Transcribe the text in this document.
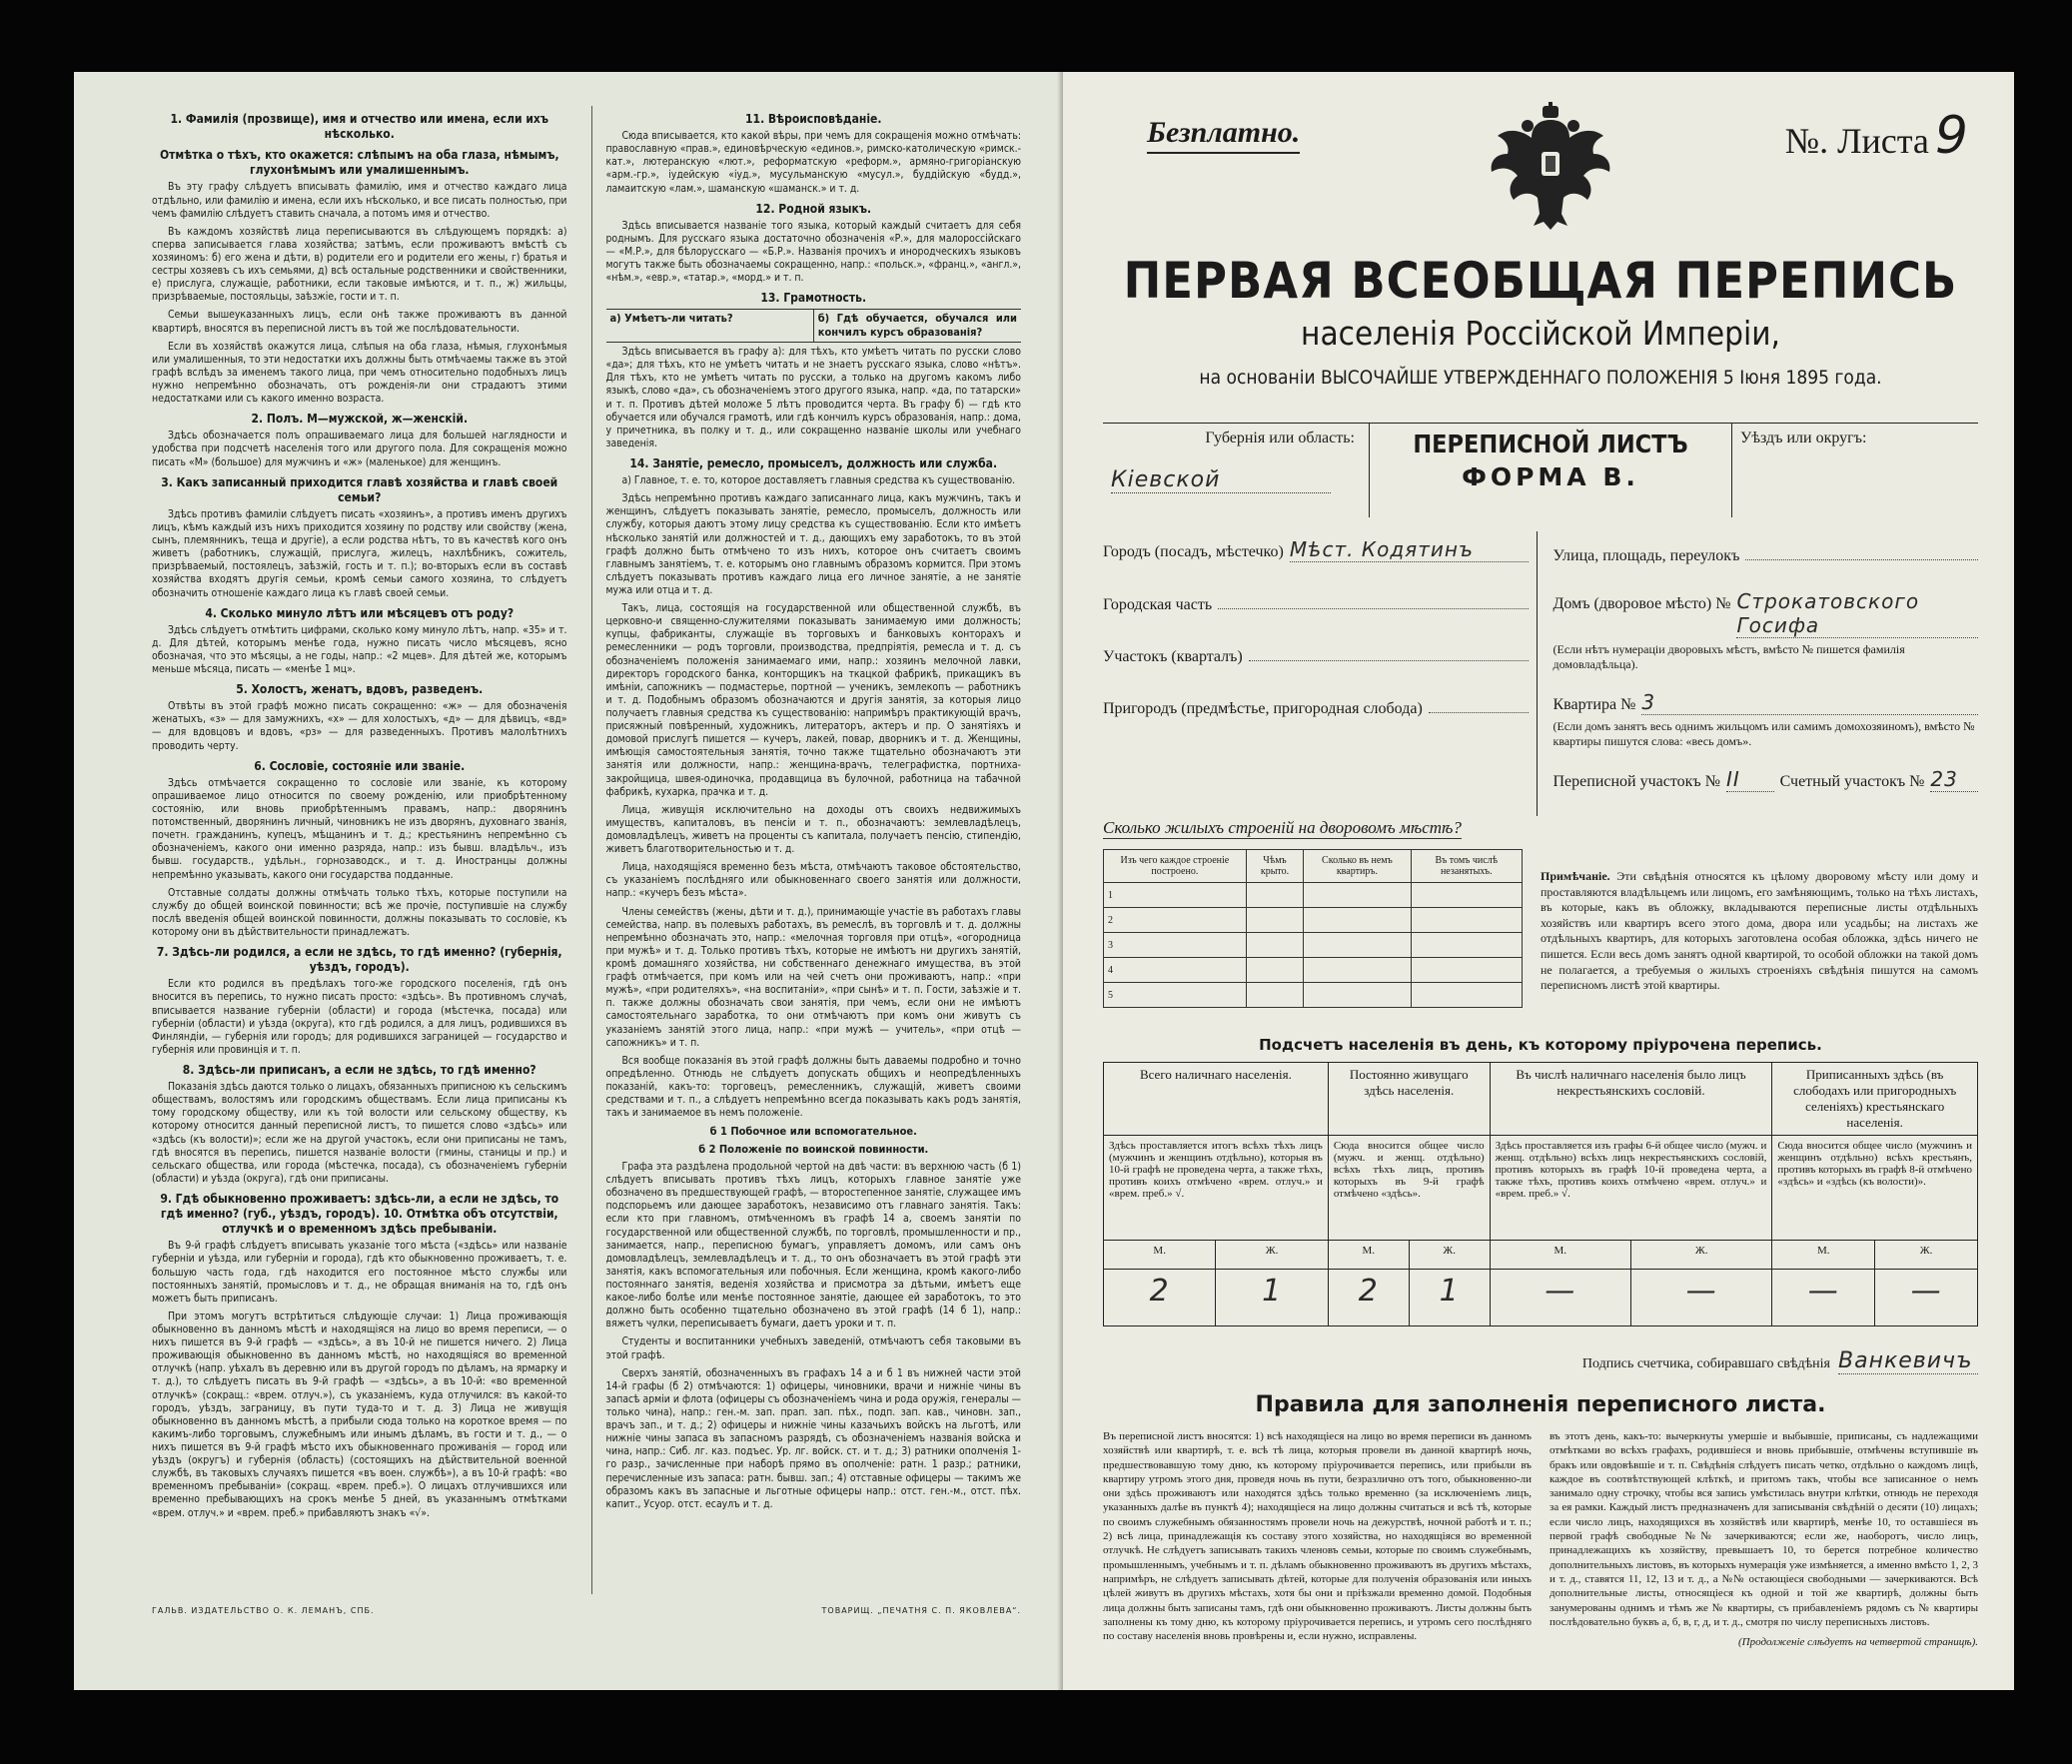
1. Фамилія (прозвище), имя и отчество или имена, если ихъ нѣсколько.
Отмѣтка о тѣхъ, кто окажется: слѣпымъ на оба глаза, нѣмымъ, глухонѣмымъ или умалишеннымъ.
Въ эту графу слѣдуетъ вписывать фамилію, имя и отчество каждаго лица отдѣльно, или фамилію и имена, если ихъ нѣсколько, и все писать полностью, при чемъ фамилію слѣдуетъ ставить сначала, а потомъ имя и отчество.
Въ каждомъ хозяйствѣ лица переписываются въ слѣдующемъ порядкѣ: а) сперва записывается глава хозяйства; затѣмъ, если проживаютъ вмѣстѣ съ хозяиномъ: б) его жена и дѣти, в) родители его и родители его жены, г) братья и сестры хозяевъ съ ихъ семьями, д) всѣ остальные родственники и свойственники, е) прислуга, служащіе, работники, если таковые имѣются, и т. п., ж) жильцы, призрѣваемые, постояльцы, заѣзжіе, гости и т. п.
Семьи вышеуказанныхъ лицъ, если онѣ также проживаютъ въ данной квартирѣ, вносятся въ переписной листъ въ той же послѣдовательности.
Если въ хозяйствѣ окажутся лица, слѣпыя на оба глаза, нѣмыя, глухонѣмыя или умалишенныя, то эти недостатки ихъ должны быть отмѣчаемы также въ этой графѣ вслѣдъ за именемъ такого лица, при чемъ относительно подобныхъ лицъ нужно непремѣнно обозначать, отъ рожденія-ли они страдаютъ этими недостатками или съ какого именно возраста.
2. Полъ. М—мужской, ж—женскій.
Здѣсь обозначается полъ опрашиваемаго лица для большей наглядности и удобства при подсчетѣ населенія того или другого пола. Для сокращенія можно писать «М» (большое) для мужчинъ и «ж» (маленькое) для женщинъ.
3. Какъ записанный приходится главѣ хозяйства и главѣ своей семьи?
Здѣсь противъ фамиліи слѣдуетъ писать «хозяинъ», а противъ именъ другихъ лицъ, кѣмъ каждый изъ нихъ приходится хозяину по родству или свойству (жена, сынъ, племянникъ, теща и другіе), а если родства нѣтъ, то въ качествѣ кого онъ живетъ (работникъ, служащій, прислуга, жилецъ, нахлѣбникъ, сожитель, призрѣваемый, постоялецъ, заѣзжій, гость и т. п.); во-вторыхъ если въ составѣ хозяйства входятъ другія семьи, кромѣ семьи самого хозяина, то слѣдуетъ обозначить отношеніе каждаго лица къ главѣ своей семьи.
4. Сколько минуло лѣтъ или мѣсяцевъ отъ роду?
Здѣсь слѣдуетъ отмѣтить цифрами, сколько кому минуло лѣтъ, напр. «35» и т. д. Для дѣтей, которымъ менѣе года, нужно писать число мѣсяцевъ, ясно обозначая, что это мѣсяцы, а не годы, напр.: «2 мцев». Для дѣтей же, которымъ меньше мѣсяца, писать — «менѣе 1 мц».
5. Холостъ, женатъ, вдовъ, разведенъ.
Отвѣты въ этой графѣ можно писать сокращенно: «ж» — для обозначенія женатыхъ, «з» — для замужнихъ, «х» — для холостыхъ, «д» — для дѣвицъ, «вд» — для вдовцовъ и вдовъ, «рз» — для разведенныхъ. Противъ малолѣтнихъ проводить черту.
6. Сословіе, состояніе или званіе.
Здѣсь отмѣчается сокращенно то сословіе или званіе, къ которому опрашиваемое лицо относится по своему рожденію, или приобрѣтенному состоянію, или вновь приобрѣтеннымъ правамъ, напр.: дворянинъ потомственный, дворянинъ личный, чиновникъ не изъ дворянъ, духовнаго званія, почетн. гражданинъ, купецъ, мѣщанинъ и т. д.; крестьянинъ непремѣнно съ обозначеніемъ, какого они именно разряда, напр.: изъ бывш. владѣльч., изъ бывш. государств., удѣльн., горнозаводск., и т. д. Иностранцы должны непремѣнно указывать, какого они государства подданные.
Отставные солдаты должны отмѣчать только тѣхъ, которые поступили на службу до общей воинской повинности; всѣ же прочіе, поступившіе на службу послѣ введенія общей воинской повинности, должны показывать то сословіе, къ которому они въ дѣйствительности принадлежатъ.
7. Здѣсь-ли родился, а если не здѣсь, то гдѣ именно? (губернія, уѣздъ, городъ).
Если кто родился въ предѣлахъ того-же городского поселенія, гдѣ онъ вносится въ перепись, то нужно писать просто: «здѣсь». Въ противномъ случаѣ, вписывается название губерніи (области) и города (мѣстечка, посада) или губерніи (области) и уѣзда (округа), кто гдѣ родился, а для лицъ, родившихся въ Финляндіи, — губернія или городъ; для родившихся заграницей — государство и губернія или провинція и т. п.
8. Здѣсь-ли приписанъ, а если не здѣсь, то гдѣ именно?
Показанія здѣсь даются только о лицахъ, обязанныхъ приписною къ сельскимъ обществамъ, волостямъ или городскимъ обществамъ. Если лица приписаны къ тому городскому обществу, или къ той волости или сельскому обществу, къ которому относится данный переписной листъ, то пишется слово «здѣсь» или «здѣсь (къ волости)»; если же на другой участокъ, если они приписаны не тамъ, гдѣ вносятся въ перепись, пишется названіе волости (гмины, станицы и пр.) и сельскаго общества, или города (мѣстечка, посада), съ обозначеніемъ губерніи (области) и уѣзда (округа), гдѣ они приписаны.
9. Гдѣ обыкновенно проживаетъ: здѣсь-ли, а если не здѣсь, то гдѣ именно? (губ., уѣздъ, городъ). 10. Отмѣтка объ отсутствіи, отлучкѣ и о временномъ здѣсь пребываніи.
Въ 9-й графѣ слѣдуетъ вписывать указаніе того мѣста («здѣсь» или названіе губерніи и уѣзда, или губерніи и города), гдѣ кто обыкновенно проживаетъ, т. е. большую часть года, гдѣ находится его постоянное мѣсто службы или постоянныхъ занятій, промысловъ и т. д., не обращая вниманія на то, гдѣ онъ можетъ быть приписанъ.
При этомъ могутъ встрѣтиться слѣдующіе случаи: 1) Лица проживающія обыкновенно въ данномъ мѣстѣ и находящіяся на лицо во время переписи, — о нихъ пишется въ 9-й графѣ — «здѣсь», а въ 10-й не пишется ничего. 2) Лица проживающія обыкновенно въ данномъ мѣстѣ, но находящіяся во временной отлучкѣ (напр. уѣхалъ въ деревню или въ другой городъ по дѣламъ, на ярмарку и т. д.), то слѣдуетъ писать въ 9-й графѣ — «здѣсь», а въ 10-й: «во временной отлучкѣ» (сокращ.: «врем. отлуч.»), съ указаніемъ, куда отлучился: въ какой-то городъ, уѣздъ, заграницу, въ пути туда-то и т. д. 3) Лица не живущія обыкновенно въ данномъ мѣстѣ, а прибыли сюда только на короткое время — по какимъ-либо торговымъ, служебнымъ или инымъ дѣламъ, въ гости и т. д., — о нихъ пишется въ 9-й графѣ мѣсто ихъ обыкновеннаго проживанія — город или уѣздъ (округъ) и губернія (область) (состоящихъ на дѣйствительной военной службѣ, въ таковыхъ случаяхъ пишется «въ воен. службѣ»), а въ 10-й графѣ: «во временномъ пребываніи» (сокращ. «врем. преб.»). О лицахъ отлучившихся или временно пребывающихъ на срокъ менѣе 5 дней, въ указаннымъ отмѣтками «врем. отлуч.» и «врем. преб.» прибавляютъ знакъ «√».
11. Вѣроисповѣданіе.
Сюда вписывается, кто какой вѣры, при чемъ для сокращенія можно отмѣчать: православную «прав.», единовѣрческую «единов.», римско-католическую «римск.-кат.», лютеранскую «лют.», реформатскую «реформ.», армяно-григоріанскую «арм.-гр.», іудейскую «іуд.», мусульманскую «мусул.», буддійскую «будд.», ламаитскую «лам.», шаманскую «шаманск.» и т. д.
12. Родной языкъ.
Здѣсь вписывается названіе того языка, который каждый считаетъ для себя роднымъ. Для русскаго языка достаточно обозначенія «Р.», для малороссійскаго — «М.Р.», для бѣлорусскаго — «Б.Р.». Названія прочихъ и инородческихъ языковъ могутъ также быть обозначаемы сокращенно, напр.: «польск.», «франц.», «англ.», «нѣм.», «евр.», «татар.», «морд.» и т. п.
13. Грамотность.
а) Умѣетъ-ли читать?	б) Гдѣ обучается, обучался или кончилъ курсъ образованія?
Здѣсь вписывается въ графу а): для тѣхъ, кто умѣетъ читать по русски слово «да»; для тѣхъ, кто не умѣетъ читать и не знаетъ русскаго языка, слово «нѣтъ». Для тѣхъ, кто не умѣетъ читать по русски, а только на другомъ какомъ либо языкѣ, слово «да», съ обозначеніемъ этого другого языка, напр. «да, по татарски» и т. п. Противъ дѣтей моложе 5 лѣтъ проводится черта. Въ графу б) — гдѣ кто обучается или обучался грамотѣ, или гдѣ кончилъ курсъ образованія, напр.: дома, у причетника, въ полку и т. д., или сокращенно названіе школы или учебнаго заведенія.
14. Занятіе, ремесло, промыселъ, должность или служба.
а) Главное, т. е. то, которое доставляетъ главныя средства къ существованію.
Здѣсь непремѣнно противъ каждаго записаннаго лица, какъ мужчинъ, такъ и женщинъ, слѣдуетъ показывать занятіе, ремесло, промыселъ, должность или службу, которыя даютъ этому лицу средства къ существованію. Если кто имѣетъ нѣсколько занятій или должностей и т. д., дающихъ ему заработокъ, то въ этой графѣ должно быть отмѣчено то изъ нихъ, которое онъ считаетъ своимъ главнымъ занятіемъ, т. е. которымъ оно главнымъ образомъ кормится. При этомъ слѣдуетъ показывать противъ каждаго лица его личное занятіе, а не занятіе мужа или отца и т. д.
Такъ, лица, состоящія на государственной или общественной службѣ, въ церковно-и священно-служителями показывать занимаемую ими должность; купцы, фабриканты, служащіе въ торговыхъ и банковыхъ конторахъ и ремесленники — родъ торговли, производства, предпріятія, ремесла и т. д. съ обозначеніемъ положенія занимаемаго ими, напр.: хозяинъ мелочной лавки, директоръ городского банка, конторщикъ на ткацкой фабрикѣ, прикащикъ въ имѣніи, сапожникъ — подмастерье, портной — ученикъ, землекопъ — работникъ и т. д. Подобнымъ образомъ обозначаются и другія занятія, за которыя лицо получаетъ главныя средства къ существованію: напримѣръ практикующій врачъ, присяжный повѣренный, художникъ, литераторъ, актеръ и пр. О занятіяхъ и домовой прислугѣ пишется — кучеръ, лакей, повар, дворникъ и т. д. Женщины, имѣющія самостоятельныя занятія, точно также тщательно обозначаютъ эти занятія или должности, напр.: женщина-врачъ, телеграфистка, портниха-закройщица, швея-одиночка, продавщица въ булочной, работница на табачной фабрикѣ, кухарка, прачка и т. д.
Лица, живущія исключительно на доходы отъ своихъ недвижимыхъ имуществъ, капиталовъ, въ пенсіи и т. п., обозначаютъ: землевладѣлецъ, домовладѣлецъ, живетъ на проценты съ капитала, получаетъ пенсію, стипендію, живетъ благотворительностью и т. д.
Лица, находящіяся временно безъ мѣста, отмѣчаютъ таковое обстоятельство, съ указаніемъ послѣдняго или обыкновеннаго своего занятія или должности, напр.: «кучеръ безъ мѣста».
Члены семействъ (жены, дѣти и т. д.), принимающіе участіе въ работахъ главы семейства, напр. въ полевыхъ работахъ, въ ремеслѣ, въ торговлѣ и т. д. должны непремѣнно обозначать это, напр.: «мелочная торговля при отцѣ», «огородница при мужѣ» и т. д. Только противъ тѣхъ, которые не имѣютъ ни другихъ занятій, кромѣ домашняго хозяйства, ни собственнаго денежнаго имущества, въ этой графѣ отмѣчается, при комъ или на чей счетъ они проживаютъ, напр.: «при мужѣ», «при родителяхъ», «на воспитаніи», «при сынѣ» и т. п. Гости, заѣзжіе и т. п. также должны обозначать свои занятія, при чемъ, если они не имѣютъ самостоятельнаго заработка, то они отмѣчаютъ при комъ они живутъ съ указаніемъ занятій этого лица, напр.: «при мужѣ — учитель», «при отцѣ — сапожникъ» и т. п.
Вся вообще показанія въ этой графѣ должны быть даваемы подробно и точно опредѣленно. Отнюдь не слѣдуетъ допускать общихъ и неопредѣленныхъ показаній, какъ-то: торговецъ, ремесленникъ, служащій, живетъ своими средствами и т. п., а слѣдуетъ непремѣнно всегда показывать какъ родъ занятія, такъ и занимаемое въ немъ положеніе.
б 1 Побочное или вспомогательное.
б 2 Положеніе по воинской повинности.
Графа эта раздѣлена продольной чертой на двѣ части: въ верхнюю часть (б 1) слѣдуетъ вписывать противъ тѣхъ лицъ, которыхъ главное занятіе уже обозначено въ предшествующей графѣ, — второстепенное занятіе, служащее имъ подспорьемъ или дающее заработокъ, независимо отъ главнаго занятія. Такъ: если кто при главномъ, отмѣченномъ въ графѣ 14 а, своемъ занятіи по государственной или общественной службѣ, по торговлѣ, промышленности и пр., занимается, напр., переписною бумагъ, управляетъ домомъ, или самъ онъ домовладѣлецъ, землевладѣлецъ и т. д., то онъ обозначаетъ въ этой графѣ эти занятія, какъ вспомогательныя или побочныя. Если женщина, кромѣ какого-либо постояннаго занятія, веденія хозяйства и присмотра за дѣтьми, имѣетъ еще какое-либо болѣе или менѣе постоянное занятіе, дающее ей заработокъ, то это должно быть особенно тщательно обозначено въ этой графѣ (14 б 1), напр.: вяжетъ чулки, переписываетъ бумаги, даетъ уроки и т. п.
Студенты и воспитанники учебныхъ заведеній, отмѣчаютъ себя таковыми въ этой графѣ.
Сверхъ занятій, обозначенныхъ въ графахъ 14 а и б 1 въ нижней части этой 14-й графы (б 2) отмѣчаются: 1) офицеры, чиновники, врачи и нижніе чины въ запасѣ арміи и флота (офицеры съ обозначеніемъ чина и рода оружія, генералы — только чина), напр.: ген.-м. зап. прап. зап. пѣх., подп. зап. кав., чиновн. зап., врачъ зап., и т. д.; 2) офицеры и нижніе чины казачьихъ войскъ на льготѣ, или нижніе чины запаса въ запасномъ разрядѣ, съ обозначеніемъ названія войска и чина, напр.: Сиб. лг. каз. подъес. Ур. лг. войск. ст. и т. д.; 3) ратники ополченія 1-го разр., зачисленные при наборѣ прямо въ ополченіе: ратн. 1 разр.; ратники, перечисленные изъ запаса: ратн. бывш. зап.; 4) отставные офицеры — такимъ же образомъ какъ въ запасные и льготные офицеры напр.: отст. ген.-м., отст. пѣх. капит., Усуор. отст. есаулъ и т. д.
ГАЛЬВ. ИЗДАТЕЛЬСТВО О. К. ЛЕМАНЪ, СПБ.	ТОВАРИЩ. „ПЕЧАТНЯ С. П. ЯКОВЛЕВА“.
Безплатно.	№. Листа 9
ПЕРВАЯ ВСЕОБЩАЯ ПЕРЕПИСЬ
населенія Россійской Имперіи,
на основаніи ВЫСОЧАЙШЕ УТВЕРЖДЕННАГО ПОЛОЖЕНІЯ 5 Іюня 1895 года.
Губернія или область:
Кіевской
ПЕРЕПИСНОЙ ЛИСТЪ
ФОРМА В.
Уѣздъ или округъ:
Городъ (посадъ, мѣстечко) Мѣст. Кодятинъ
Городская часть
Участокъ (кварталъ)
Пригородъ (предмѣстье, пригородная слобода)
Улица, площадь, переулокъ
Домъ (дворовое мѣсто) № Строкатовского Госифа
(Если нѣтъ нумераціи дворовыхъ мѣстъ, вмѣсто № пишется фамилія домовладѣльца).
Квартира № 3
(Если домъ занятъ весь однимъ жильцомъ или самимъ домохозяиномъ), вмѣсто № квартиры пишутся слова: «весь домъ».
Переписной участокъ № II	Счетный участокъ № 23
Сколько жилыхъ строеній на дворовомъ мѣстѣ?
Изъ чего каждое строеніе построено.	Чѣмъ крыто.	Сколько въ немъ квартиръ.	Въ томъ числѣ незанятыхъ.
1			
2			
3			
4			
5			
Примѣчаніе. Эти свѣдѣнія относятся къ цѣлому дворовому мѣсту или дому и проставляются владѣльцемъ или лицомъ, его замѣняющимъ, только на тѣхъ листахъ, въ которые, какъ въ обложку, вкладываются переписные листы отдѣльныхъ хозяйствъ или квартиръ всего этого дома, двора или усадьбы; на листахъ же отдѣльныхъ квартиръ, для которыхъ заготовлена особая обложка, здѣсь ничего не пишется. Если весь домъ занятъ одной квартирой, то особой обложки на такой домъ не полагается, а требуемыя о жилыхъ строеніяхъ свѣдѣнія пишутся на самомъ переписномъ листѣ этой квартиры.
Подсчетъ населенія въ день, къ которому пріурочена перепись.
Всего наличнаго населенія.		Постоянно живущаго здѣсь населенія.		Въ числѣ наличнаго населенія было лицъ некрестьянскихъ сословій.		Приписанныхъ здѣсь (въ слободахъ или пригородныхъ селеніяхъ) крестьянскаго населенія.	
Здѣсь проставляется итогъ всѣхъ тѣхъ лицъ (мужчинъ и женщинъ отдѣльно), которыя въ 10-й графѣ не проведена черта, а также тѣхъ, противъ коихъ отмѣчено «врем. отлуч.» и «врем. преб.» √.		Сюда вносится общее число (мужч. и женщ. отдѣльно) всѣхъ тѣхъ лицъ, противъ которыхъ въ 9-й графѣ отмѣчено «здѣсь».		Здѣсь проставляется изъ графы 6-й общее число (мужч. и женщ. отдѣльно) всѣхъ лицъ некрестьянскихъ сословій, противъ которыхъ въ графѣ 10-й проведена черта, а также тѣхъ, противъ коихъ отмѣчено «врем. отлуч.» и «врем. преб.» √.		Сюда вносится общее число (мужчинъ и женщинъ отдѣльно) всѣхъ крестьянъ, противъ которыхъ въ графѣ 8-й отмѣчено «здѣсь» и «здѣсь (къ волости)».	
М.	Ж.	М.	Ж.	М.	Ж.	М.	Ж.
2	1	2	1	—	—	—	—
Подпись счетчика, собиравшаго свѣдѣнія Ванкевичъ
Правила для заполненія переписного листа.
Въ переписной листъ вносятся: 1) всѣ находящіеся на лицо во время переписи въ данномъ хозяйствѣ или квартирѣ, т. е. всѣ тѣ лица, которыя провели въ данной квартирѣ ночь, предшествовавшую тому дню, къ которому пріурочивается перепись, или прибыли въ квартиру утромъ этого дня, проведя ночь въ пути, безразлично отъ того, обыкновенно-ли они здѣсь проживаютъ или находятся здѣсь только временно (за исключеніемъ лицъ, указанныхъ далѣе въ пунктѣ 4); находящіеся на лицо должны считаться и всѣ тѣ, которые по своимъ служебнымъ обязанностямъ провели ночь на дежурствѣ, ночной работѣ и т. п.; 2) всѣ лица, принадлежащія къ составу этого хозяйства, но находящіяся во временной отлучкѣ. Не слѣдуетъ записывать такихъ членовъ семьи, которые по своимъ служебнымъ, промышленнымъ, учебнымъ и т. п. дѣламъ обыкновенно проживаютъ въ другихъ мѣстахъ, напримѣръ, не слѣдуетъ записывать дѣтей, которые для полученія образованія или иныхъ цѣлей живутъ въ другихъ мѣстахъ, хотя бы они и пріѣзжали временно домой. Подобныя лица должны быть записаны тамъ, гдѣ они обыкновенно проживаютъ. Листы должны быть заполнены къ тому дню, къ которому пріурочивается перепись, и утромъ сего послѣдняго по составу населенія вновь провѣрены и, если нужно, исправлены.
въ этотъ день, какъ-то: вычеркнуты умершіе и выбывшіе, приписаны, съ надлежащими отмѣтками во всѣхъ графахъ, родившіеся и вновь прибывшіе, отмѣчены вступившіе въ бракъ или овдовѣвшіе и т. п. Свѣдѣнія слѣдуетъ писать четко, отдѣльно о каждомъ лицѣ, каждое въ соотвѣтствующей клѣткѣ, и притомъ такъ, чтобы все записанное о немъ занимало одну строчку, чтобы вся запись умѣстилась внутри клѣтки, отнюдь не переходя за ея рамки. Каждый листъ предназначенъ для записыванія свѣдѣній о десяти (10) лицахъ; если число лицъ, находящихся въ хозяйствѣ или квартирѣ, менѣе 10, то оставшіеся въ первой графѣ свободные №№ зачеркиваются; если же, наоборотъ, число лицъ, принадлежащихъ къ хозяйству, превышаетъ 10, то берется потребное количество дополнительныхъ листовъ, въ которыхъ нумерація уже измѣняется, а именно вмѣсто 1, 2, 3 и т. д., ставятся 11, 12, 13 и т. д., а №№ остающіеся свободными — зачеркиваются. Всѣ дополнительные листы, относящіеся къ одной и той же квартирѣ, должны быть занумерованы однимъ и тѣмъ же № квартиры, съ прибавленіемъ рядомъ съ № квартиры послѣдовательно буквъ а, б, в, г, д, и т. д., смотря по числу переписныхъ листовъ.
(Продолженіе слѣдуетъ на четвертой страницѣ).
